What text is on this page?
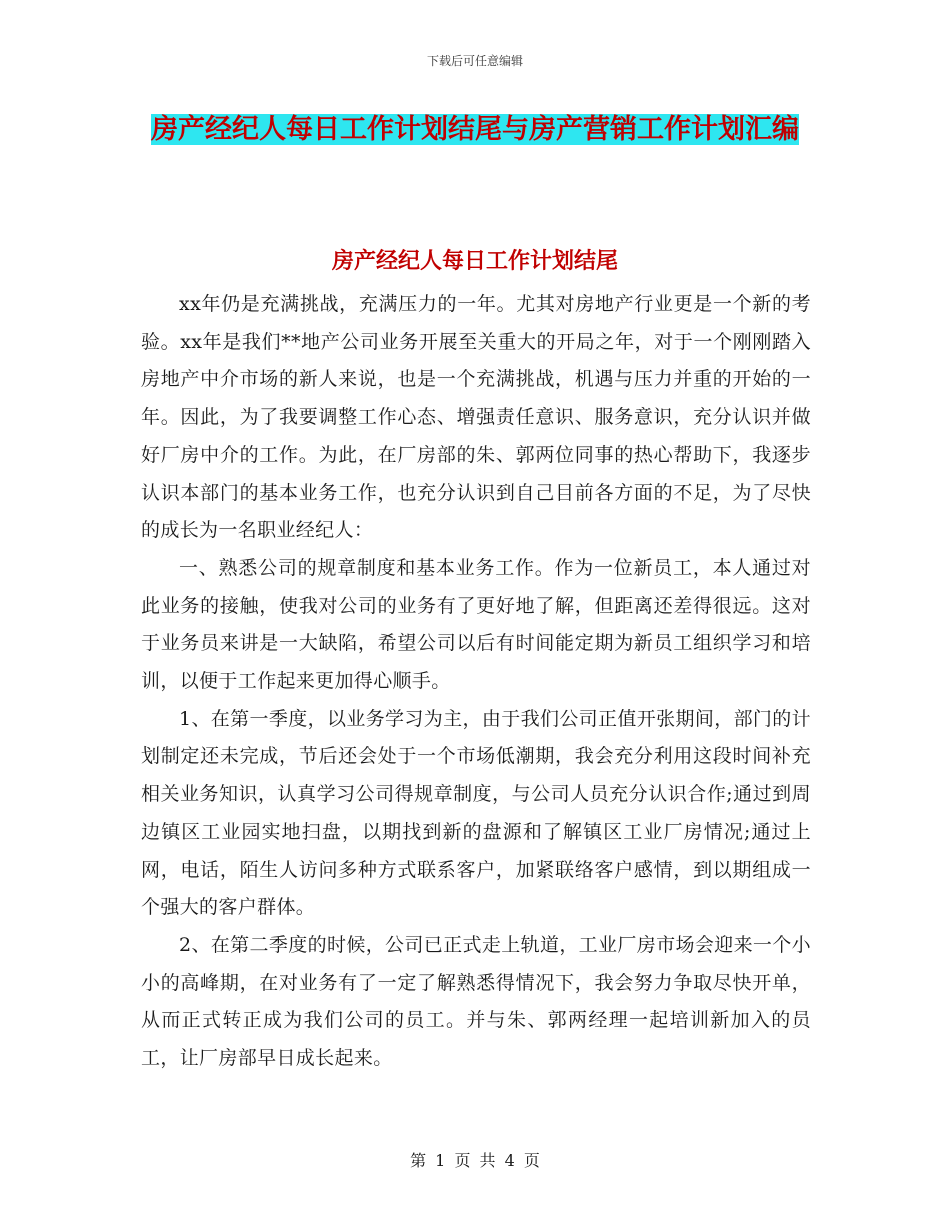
下载后可任意编辑
房产经纪人每日工作计划结尾与房产营销工作计划汇编
房产经纪人每日工作计划结尾

xx年仍是充满挑战，充满压力的一年。尤其对房地产行业更是一个新的考验。xx年是我们**地产公司业务开展至关重大的开局之年，对于一个刚刚踏入房地产中介市场的新人来说，也是一个充满挑战，机遇与压力并重的开始的一年。因此，为了我要调整工作心态、增强责任意识、服务意识，充分认识并做好厂房中介的工作。为此，在厂房部的朱、郭两位同事的热心帮助下，我逐步认识本部门的基本业务工作，也充分认识到自己目前各方面的不足，为了尽快的成长为一名职业经纪人：

一、熟悉公司的规章制度和基本业务工作。作为一位新员工，本人通过对此业务的接触，使我对公司的业务有了更好地了解，但距离还差得很远。这对于业务员来讲是一大缺陷，希望公司以后有时间能定期为新员工组织学习和培训，以便于工作起来更加得心顺手。

1、在第一季度，以业务学习为主，由于我们公司正值开张期间，部门的计划制定还未完成，节后还会处于一个市场低潮期，我会充分利用这段时间补充相关业务知识，认真学习公司得规章制度，与公司人员充分认识合作;通过到周边镇区工业园实地扫盘，以期找到新的盘源和了解镇区工业厂房情况;通过上网，电话，陌生人访问多种方式联系客户，加紧联络客户感情，到以期组成一个强大的客户群体。

2、在第二季度的时候，公司已正式走上轨道，工业厂房市场会迎来一个小小的高峰期，在对业务有了一定了解熟悉得情况下，我会努力争取尽快开单，从而正式转正成为我们公司的员工。并与朱、郭两经理一起培训新加入的员工，让厂房部早日成长起来。

第 1 页 共 4 页
